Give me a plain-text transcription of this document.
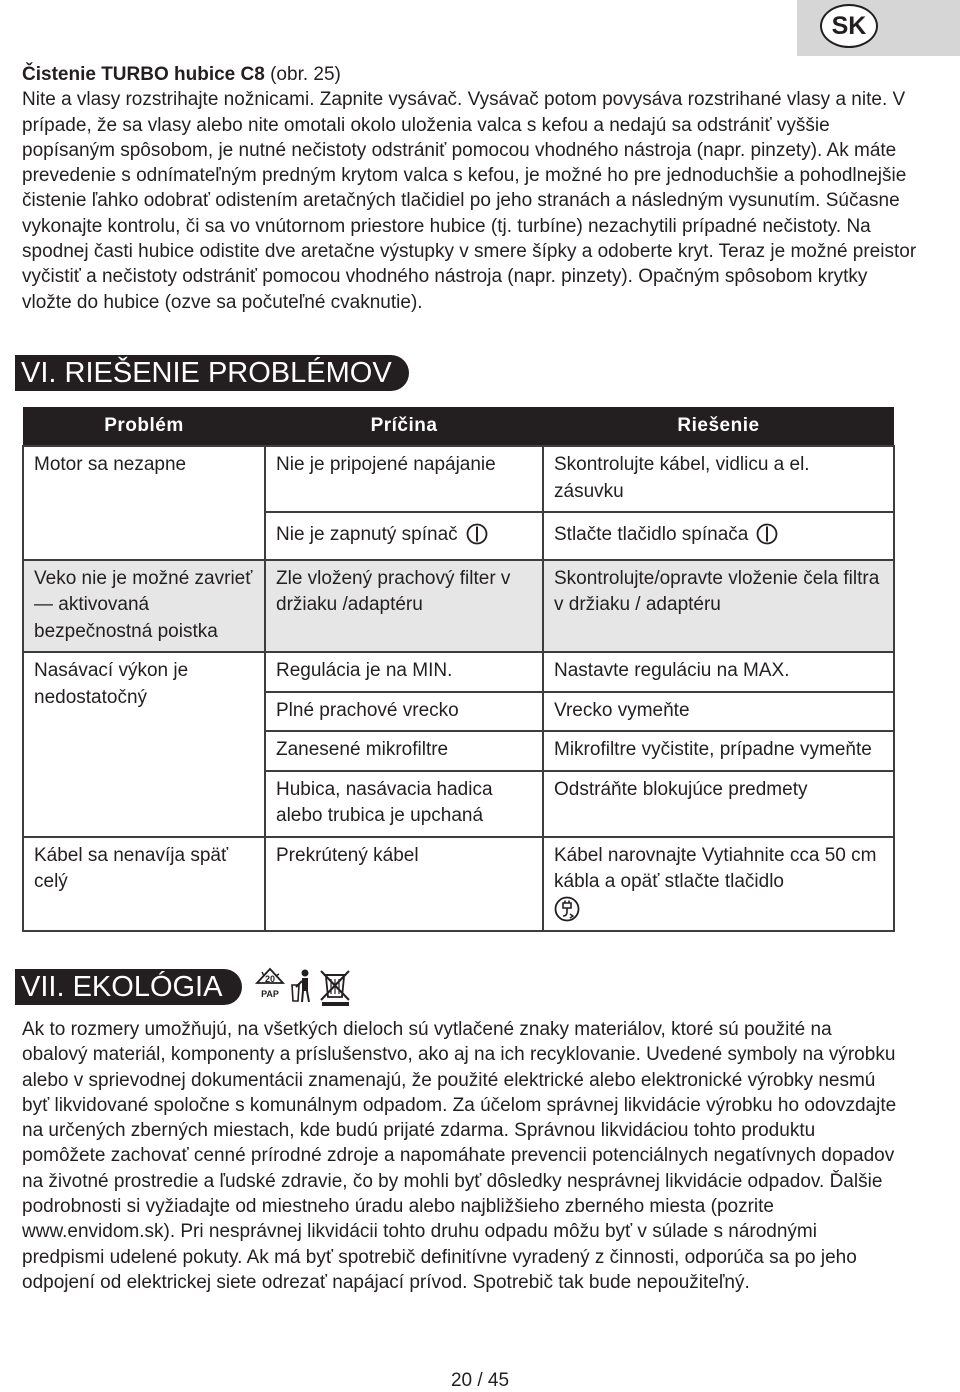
SK

Čistenie TURBO hubice C8 (obr. 25)
Nite a vlasy rozstrihajte nožnicami. Zapnite vysávač. Vysávač potom povysáva rozstrihané vlasy a nite. V prípade, že sa vlasy alebo nite omotali okolo uloženia valca s kefou a nedajú sa odstrániť vyššie popísaným spôsobom, je nutné nečistoty odstrániť pomocou vhodného nástroja (napr. pinzety). Ak máte prevedenie s odnímateľným predným krytom valca s kefou, je možné ho pre jednoduchšie a pohodlnejšie čistenie ľahko odobrať odistením aretačných tlačidiel po jeho stranách a následným vysunutím. Súčasne vykonajte kontrolu, či sa vo vnútornom priestore hubice (tj. turbíne) nezachytili prípadné nečistoty. Na spodnej časti hubice odistite dve aretačne výstupky v smere šípky a odoberte kryt. Teraz je možné preistor vyčistiť a nečistoty odstrániť pomocou vhodného nástroja (napr. pinzety). Opačným spôsobom krytky vložte do hubice (ozve sa počuteľné cvaknutie).

VI. RIEŠENIE PROBLÉMOV
Problém	Príčina	Riešenie

Motor sa nezapne	Nie je pripojené napájanie	Skontrolujte kábel, vidlicu a el. zásuvku
	Nie je zapnutý spínač	Stlačte tlačidlo spínača
Veko nie je možné zavrieť — aktivovaná bezpečnostná poistka	Zle vložený prachový filter v držiaku /adaptéru	Skontrolujte/opravte vloženie čela filtra v držiaku / adaptéru
Nasávací výkon je nedostatočný	Regulácia je na MIN.	Nastavte reguláciu na MAX.
	Plné prachové vrecko	Vrecko vymeňte
	Zanesené mikrofiltre	Mikrofiltre vyčistite, prípadne vymeňte
	Hubica, nasávacia hadica alebo trubica je upchaná	Odstráňte blokujúce predmety
Kábel sa nenavíja späť celý	Prekrútený kábel	Kábel narovnajte Vytiahnite cca 50 cm kábla a opäť stlačte tlačidlo

VII. EKOLÓGIA	20
PAP

Ak to rozmery umožňujú, na všetkých dieloch sú vytlačené znaky materiálov, ktoré sú použité na obalový materiál, komponenty a príslušenstvo, ako aj na ich recyklovanie. Uvedené symboly na výrobku alebo v sprievodnej dokumentácii znamenajú, že použité elektrické alebo elektronické výrobky nesmú byť likvidované spoločne s komunálnym odpadom. Za účelom správnej likvidácie výrobku ho odovzdajte na určených zberných miestach, kde budú prijaté zdarma. Správnou likvidáciou tohto produktu pomôžete zachovať cenné prírodné zdroje a napomáhate prevencii potenciálnych negatívnych dopadov na životné prostredie a ľudské zdravie, čo by mohli byť dôsledky nesprávnej likvidácie odpadov. Ďalšie podrobnosti si vyžiadajte od miestneho úradu alebo najbližšieho zberného miesta (pozrite www.envidom.sk). Pri nesprávnej likvidácii tohto druhu odpadu môžu byť v súlade s národnými predpismi udelené pokuty. Ak má byť spotrebič definitívne vyradený z činnosti, odporúča sa po jeho odpojení od elektrickej siete odrezať napájací prívod. Spotrebič tak bude nepoužiteľný.

20 / 45
